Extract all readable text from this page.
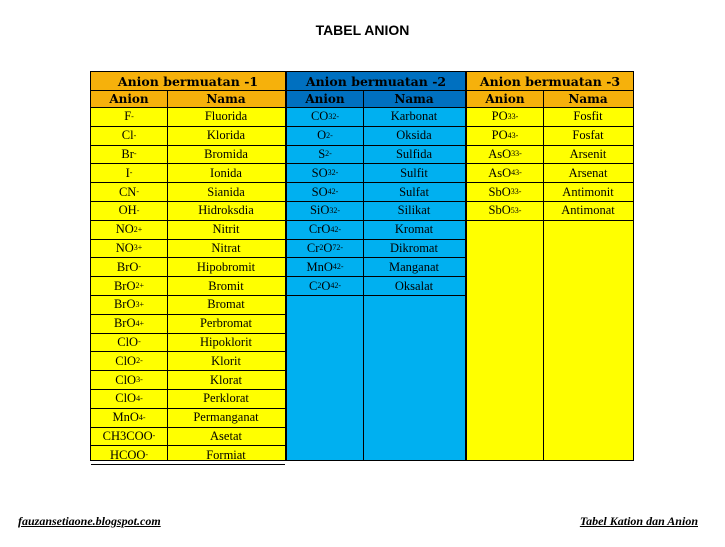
TABEL ANION
Anion bermuatan -1
Anion	Nama
F -	Fluorida
Cl -	Klorida
Br -	Bromida
I -	Ionida
CN -	Sianida
OH -	Hidroksdia
NO 2 +	Nitrit
NO 3 +	Nitrat
BrO -	Hipobromit
BrO 2 +	Bromit
BrO 3 +	Bromat
BrO 4 +	Perbromat
ClO -	Hipoklorit
ClO 2 -	Klorit
ClO 3 -	Klorat
ClO 4 -	Perklorat
MnO 4 -	Permanganat
CH3COO -	Asetat
HCOO -	Formiat
Anion bermuatan -2
Anion	Nama
CO 3 2-	Karbonat
O 2-	Oksida
S 2-	Sulfida
SO 3 2-	Sulfit
SO 4 2-	Sulfat
SiO 3 2-	Silikat
CrO 4 2-	Kromat
Cr 2 O 7 2-	Dikromat
MnO 4 2-	Manganat
C 2 O 4 2-	Oksalat
Anion bermuatan -3
Anion	Nama
PO 3 3-	Fosfit
PO 4 3-	Fosfat
AsO 3 3-	Arsenit
AsO 4 3-	Arsenat
SbO 3 3-	Antimonit
SbO 5 3-	Antimonat
fauzansetiaone.blogspot.com	Tabel Kation dan Anion
